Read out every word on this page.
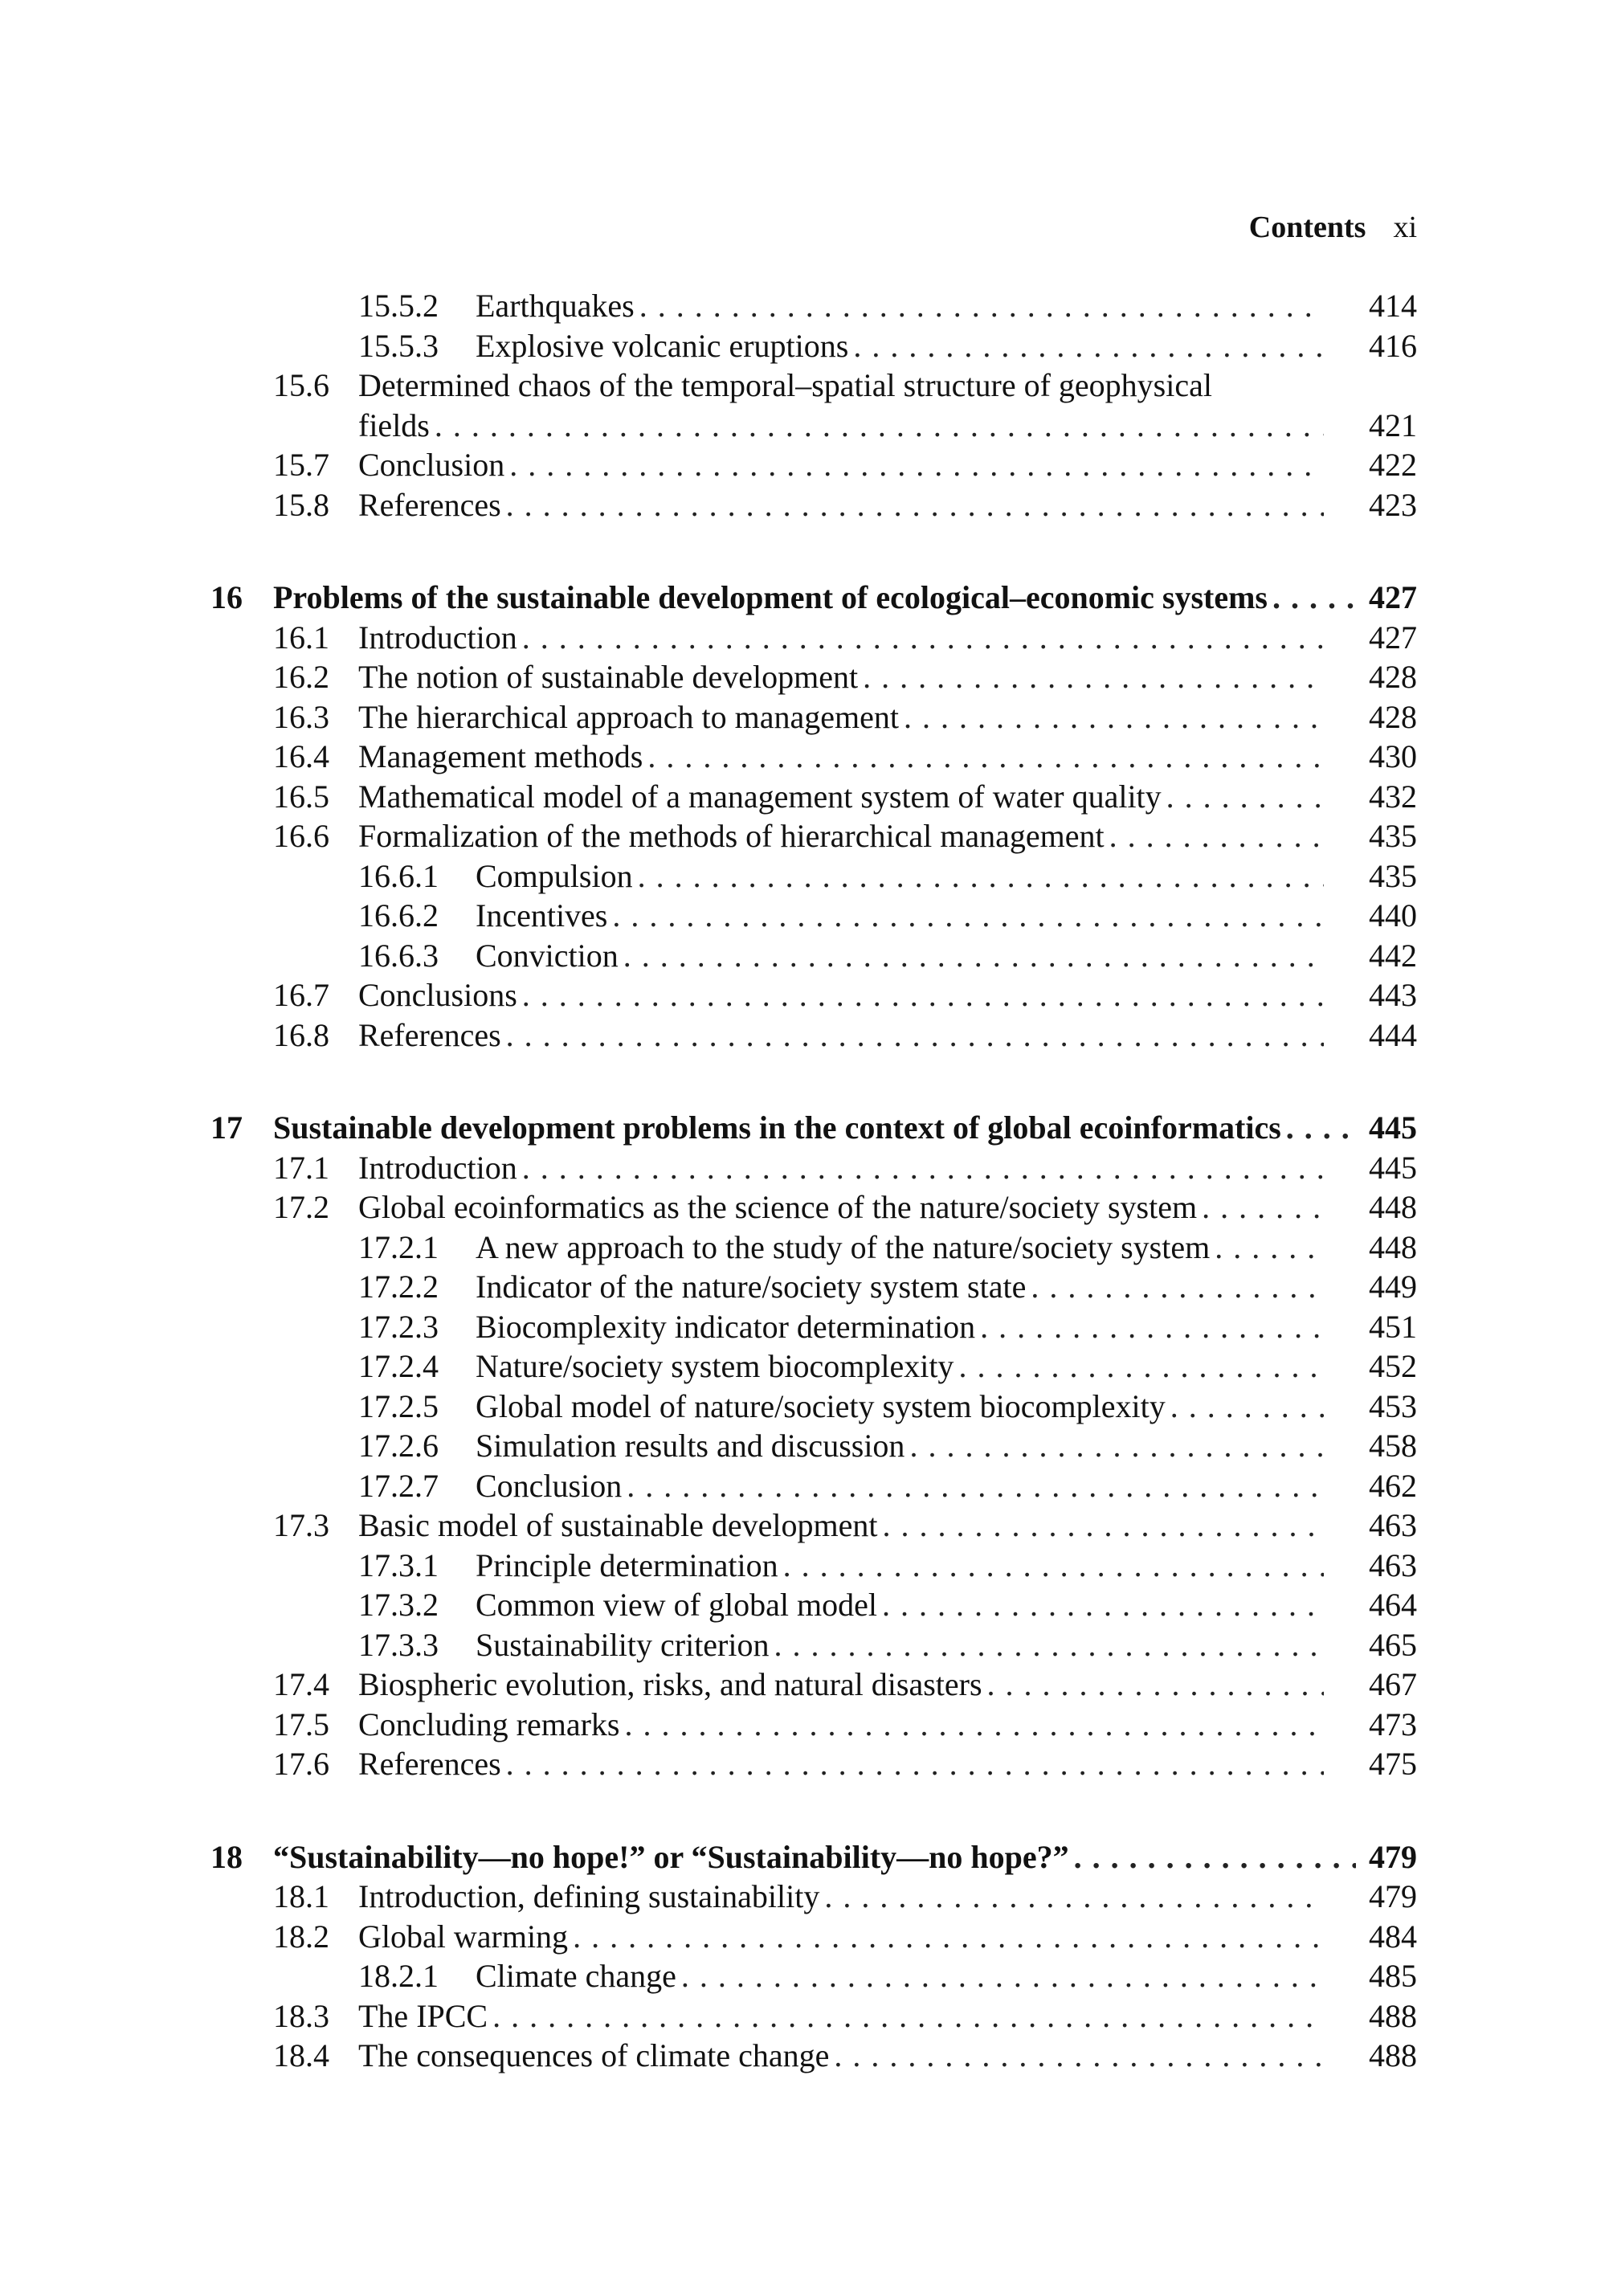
Contents xi
15.5.2 Earthquakes . . .	414
15.5.3 Explosive volcanic eruptions . . .	416
15.6 Determined chaos of the temporal–spatial structure of geophysical
fields . . .	421
15.7 Conclusion . . .	422
15.8 References . . .	423
16 Problems of the sustainable development of ecological–economic systems . . .	427
16.1 Introduction . . .	427
16.2 The notion of sustainable development . . .	428
16.3 The hierarchical approach to management . . .	428
16.4 Management methods . . .	430
16.5 Mathematical model of a management system of water quality . . .	432
16.6 Formalization of the methods of hierarchical management . . .	435
16.6.1 Compulsion . . .	435
16.6.2 Incentives . . .	440
16.6.3 Conviction . . .	442
16.7 Conclusions . . .	443
16.8 References . . .	444
17 Sustainable development problems in the context of global ecoinformatics . . .	445
17.1 Introduction . . .	445
17.2 Global ecoinformatics as the science of the nature/society system . . .	448
17.2.1 A new approach to the study of the nature/society system . . .	448
17.2.2 Indicator of the nature/society system state . . .	449
17.2.3 Biocomplexity indicator determination . . .	451
17.2.4 Nature/society system biocomplexity . . .	452
17.2.5 Global model of nature/society system biocomplexity . . .	453
17.2.6 Simulation results and discussion . . .	458
17.2.7 Conclusion . . .	462
17.3 Basic model of sustainable development . . .	463
17.3.1 Principle determination . . .	463
17.3.2 Common view of global model . . .	464
17.3.3 Sustainability criterion . . .	465
17.4 Biospheric evolution, risks, and natural disasters . . .	467
17.5 Concluding remarks . . .	473
17.6 References . . .	475
18 “Sustainability—no hope!” or “Sustainability—no hope?” . . .	479
18.1 Introduction, defining sustainability . . .	479
18.2 Global warming . . .	484
18.2.1 Climate change . . .	485
18.3 The IPCC . . .	488
18.4 The consequences of climate change . . .	488
